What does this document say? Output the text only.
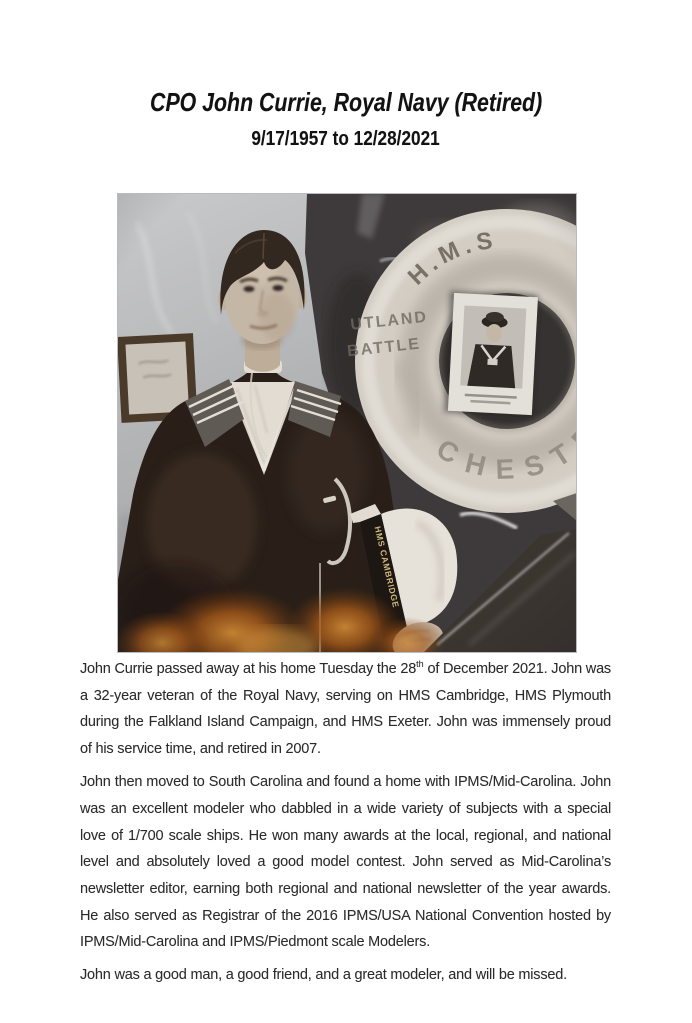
CPO John Currie, Royal Navy (Retired)
9/17/1957 to 12/28/2021

John Currie passed away at his home Tuesday the 28th of December 2021. John was a 32-year veteran of the Royal Navy, serving on HMS Cambridge, HMS Plymouth during the Falkland Island Campaign, and HMS Exeter. John was immensely proud of his service time, and retired in 2007.

John then moved to South Carolina and found a home with IPMS/Mid-Carolina. John was an excellent modeler who dabbled in a wide variety of subjects with a special love of 1/700 scale ships. He won many awards at the local, regional, and national level and absolutely loved a good model contest. John served as Mid-Carolina’s newsletter editor, earning both regional and national newsletter of the year awards. He also served as Registrar of the 2016 IPMS/USA National Convention hosted by IPMS/Mid-Carolina and IPMS/Piedmont scale Modelers.

John was a good man, a good friend, and a great modeler, and will be missed.
